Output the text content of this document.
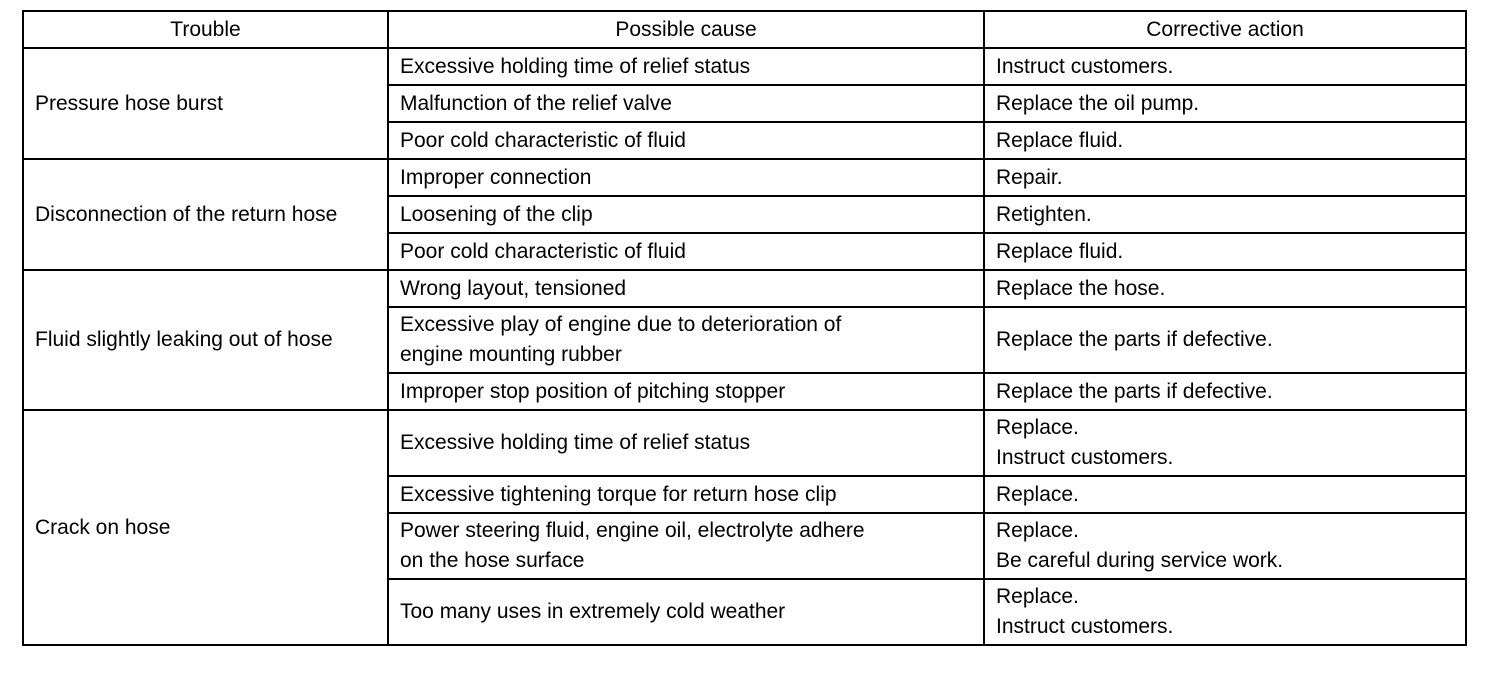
Trouble	Possible cause	Corrective action
Pressure hose burst	Excessive holding time of relief status	Instruct customers.

	Malfunction of the relief valve	Replace the oil pump.

	Poor cold characteristic of fluid	Replace fluid.

Disconnection of the return hose	Improper connection	Repair.

	Loosening of the clip	Retighten.

	Poor cold characteristic of fluid	Replace fluid.

Fluid slightly leaking out of hose	Wrong layout, tensioned	Replace the hose.

	Excessive play of engine due to deterioration of
engine mounting rubber	Replace the parts if defective.

	Improper stop position of pitching stopper	Replace the parts if defective.

Crack on hose	Excessive holding time of relief status	Replace.
Instruct customers.

	Excessive tightening torque for return hose clip	Replace.

	Power steering fluid, engine oil, electrolyte adhere
on the hose surface	Replace.
Be careful during service work.

	Too many uses in extremely cold weather	Replace.
Instruct customers.
